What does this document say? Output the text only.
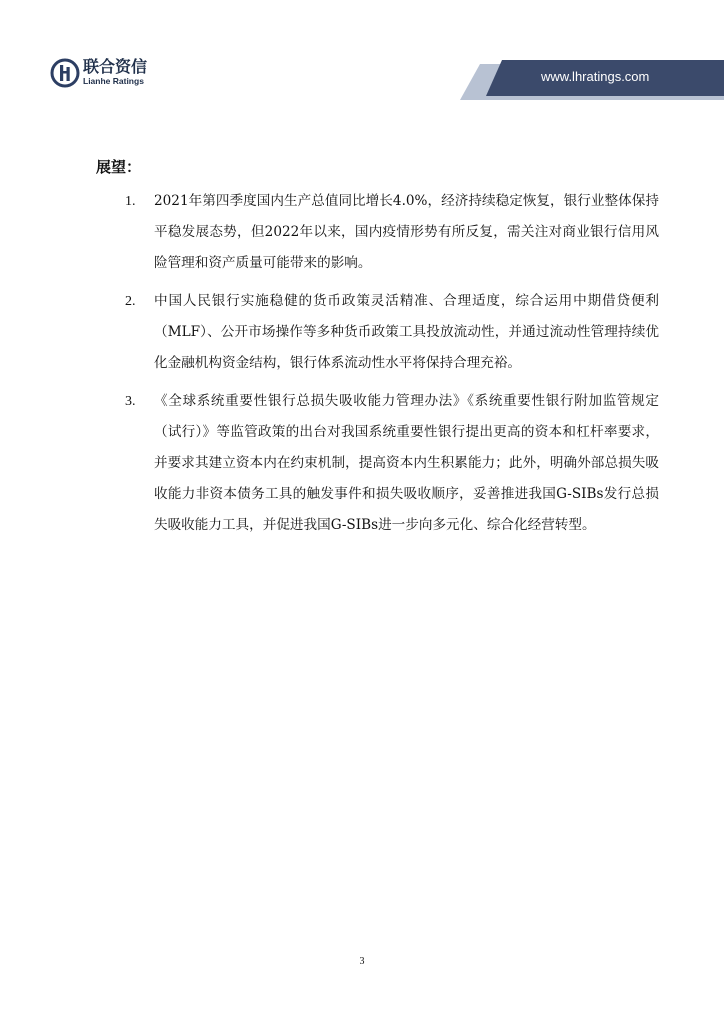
联合资信
Lianhe Ratings	www.lhratings.com
展望：
1. 2021年第四季度国内生产总值同比增长4.0%，经济持续稳定恢复，银行业整体保持平稳发展态势，但2022年以来，国内疫情形势有所反复，需关注对商业银行信用风险管理和资产质量可能带来的影响。

2. 中国人民银行实施稳健的货币政策灵活精准、合理适度，综合运用中期借贷便利（MLF）、公开市场操作等多种货币政策工具投放流动性，并通过流动性管理持续优化金融机构资金结构，银行体系流动性水平将保持合理充裕。

3. 《全球系统重要性银行总损失吸收能力管理办法》《系统重要性银行附加监管规定（试行）》等监管政策的出台对我国系统重要性银行提出更高的资本和杠杆率要求，并要求其建立资本内在约束机制，提高资本内生积累能力；此外，明确外部总损失吸收能力非资本债务工具的触发事件和损失吸收顺序，妥善推进我国G-SIBs发行总损失吸收能力工具，并促进我国G-SIBs进一步向多元化、综合化经营转型。

3
